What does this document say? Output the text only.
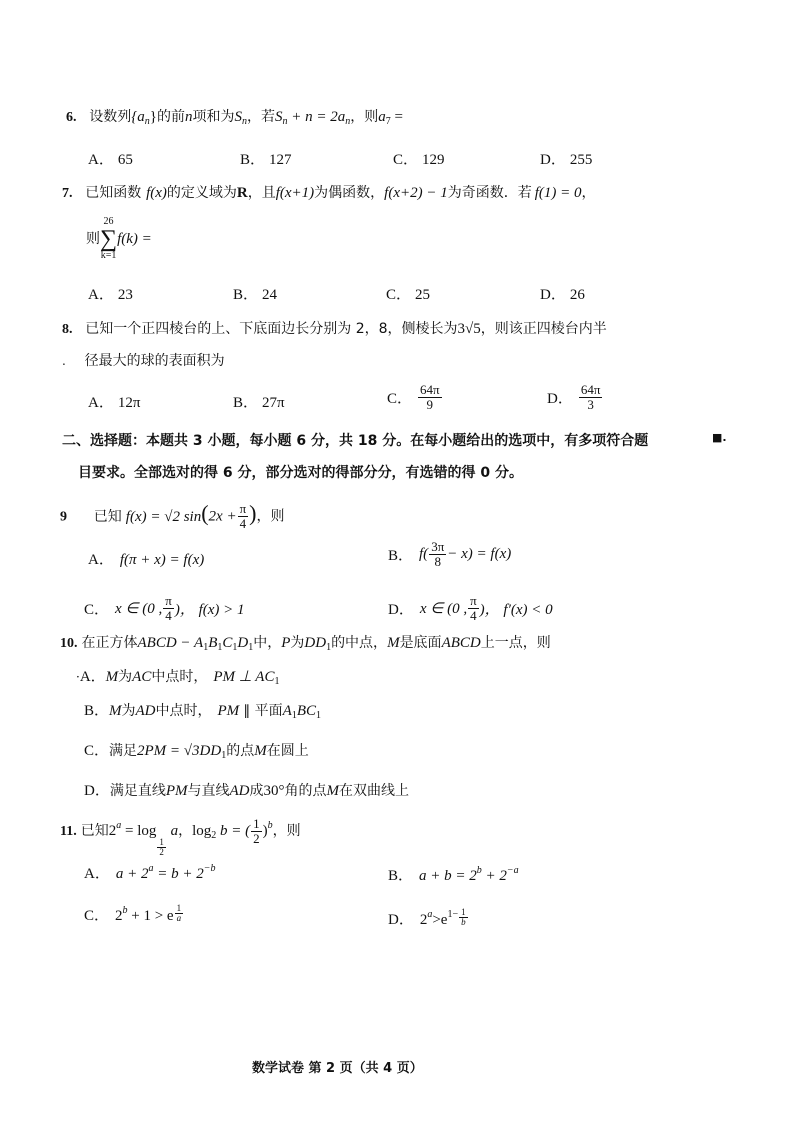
6. 设数列$\{a_n\}$的前n项和为$S_n$，若$S_n + n = 2a_n$，则$a_7$ =
A． 65	B． 127	C． 129	D． 255
7. 已知函数 f(x)的定义域为R，且f(x+1)为偶函数，f(x+2) − 1为奇函数．若 f(1) = 0，
则
26
∑
k=1
f(k) =
A． 23	B． 24	C． 25	D． 26
8. 已知一个正四棱台的上、下底面边长分别为 2，8，侧棱长为3√5，则该正四棱台内半
. 径最大的球的表面积为
A． 12π	B． 27π	C． $\frac{64\pi}{9}$	D． $\frac{64\pi}{3}$
二、选择题：本题共 3 小题，每小题 6 分，共 18 分。在每小题给出的选项中，有多项符合题	■.
目要求。全部选对的得 6 分，部分选对的得部分分，有选错的得 0 分。
9 已知 f(x) = √2 $\sin(2x + \frac{\pi}{4}$ )，则
A． f(π + x) = f(x)	B． $f( \frac{3\pi}{8} - x) = f(x)$
C． x ∈ (0 , $\frac{\pi}{4}$ )， f(x) > 1	D． x ∈ (0 , $\frac{\pi}{4}$ )， f′(x) < 0
10. 在正方体ABCD − $A_1B_1C_1D_1$中，P为$DD_1$的中点，M是底面ABCD上一点，则
·A．M为AC中点时， PM ⊥ $AC_1$
B．M为AD中点时， PM ∥ 平面$A_1BC_1$
C．满足$2PM = √3DD_1$的点M在圆上
D．满足直线PM与直线AD成30°角的点M在双曲线上
11. 已知$2^a = \log$
$\frac{1}{2}$
a，$\log_2 b$ = ( $\frac{1}{2} )^b$，则
A． $a + 2^a = b + 2^{-b}$	B． $a + b = 2^b + 2^{-a}$
C． $2^b + 1 > e \frac{1}{a}$	D． $2^a>e^{1-} \frac{1}{b}$
数学试卷 第 2 页（共 4 页）
